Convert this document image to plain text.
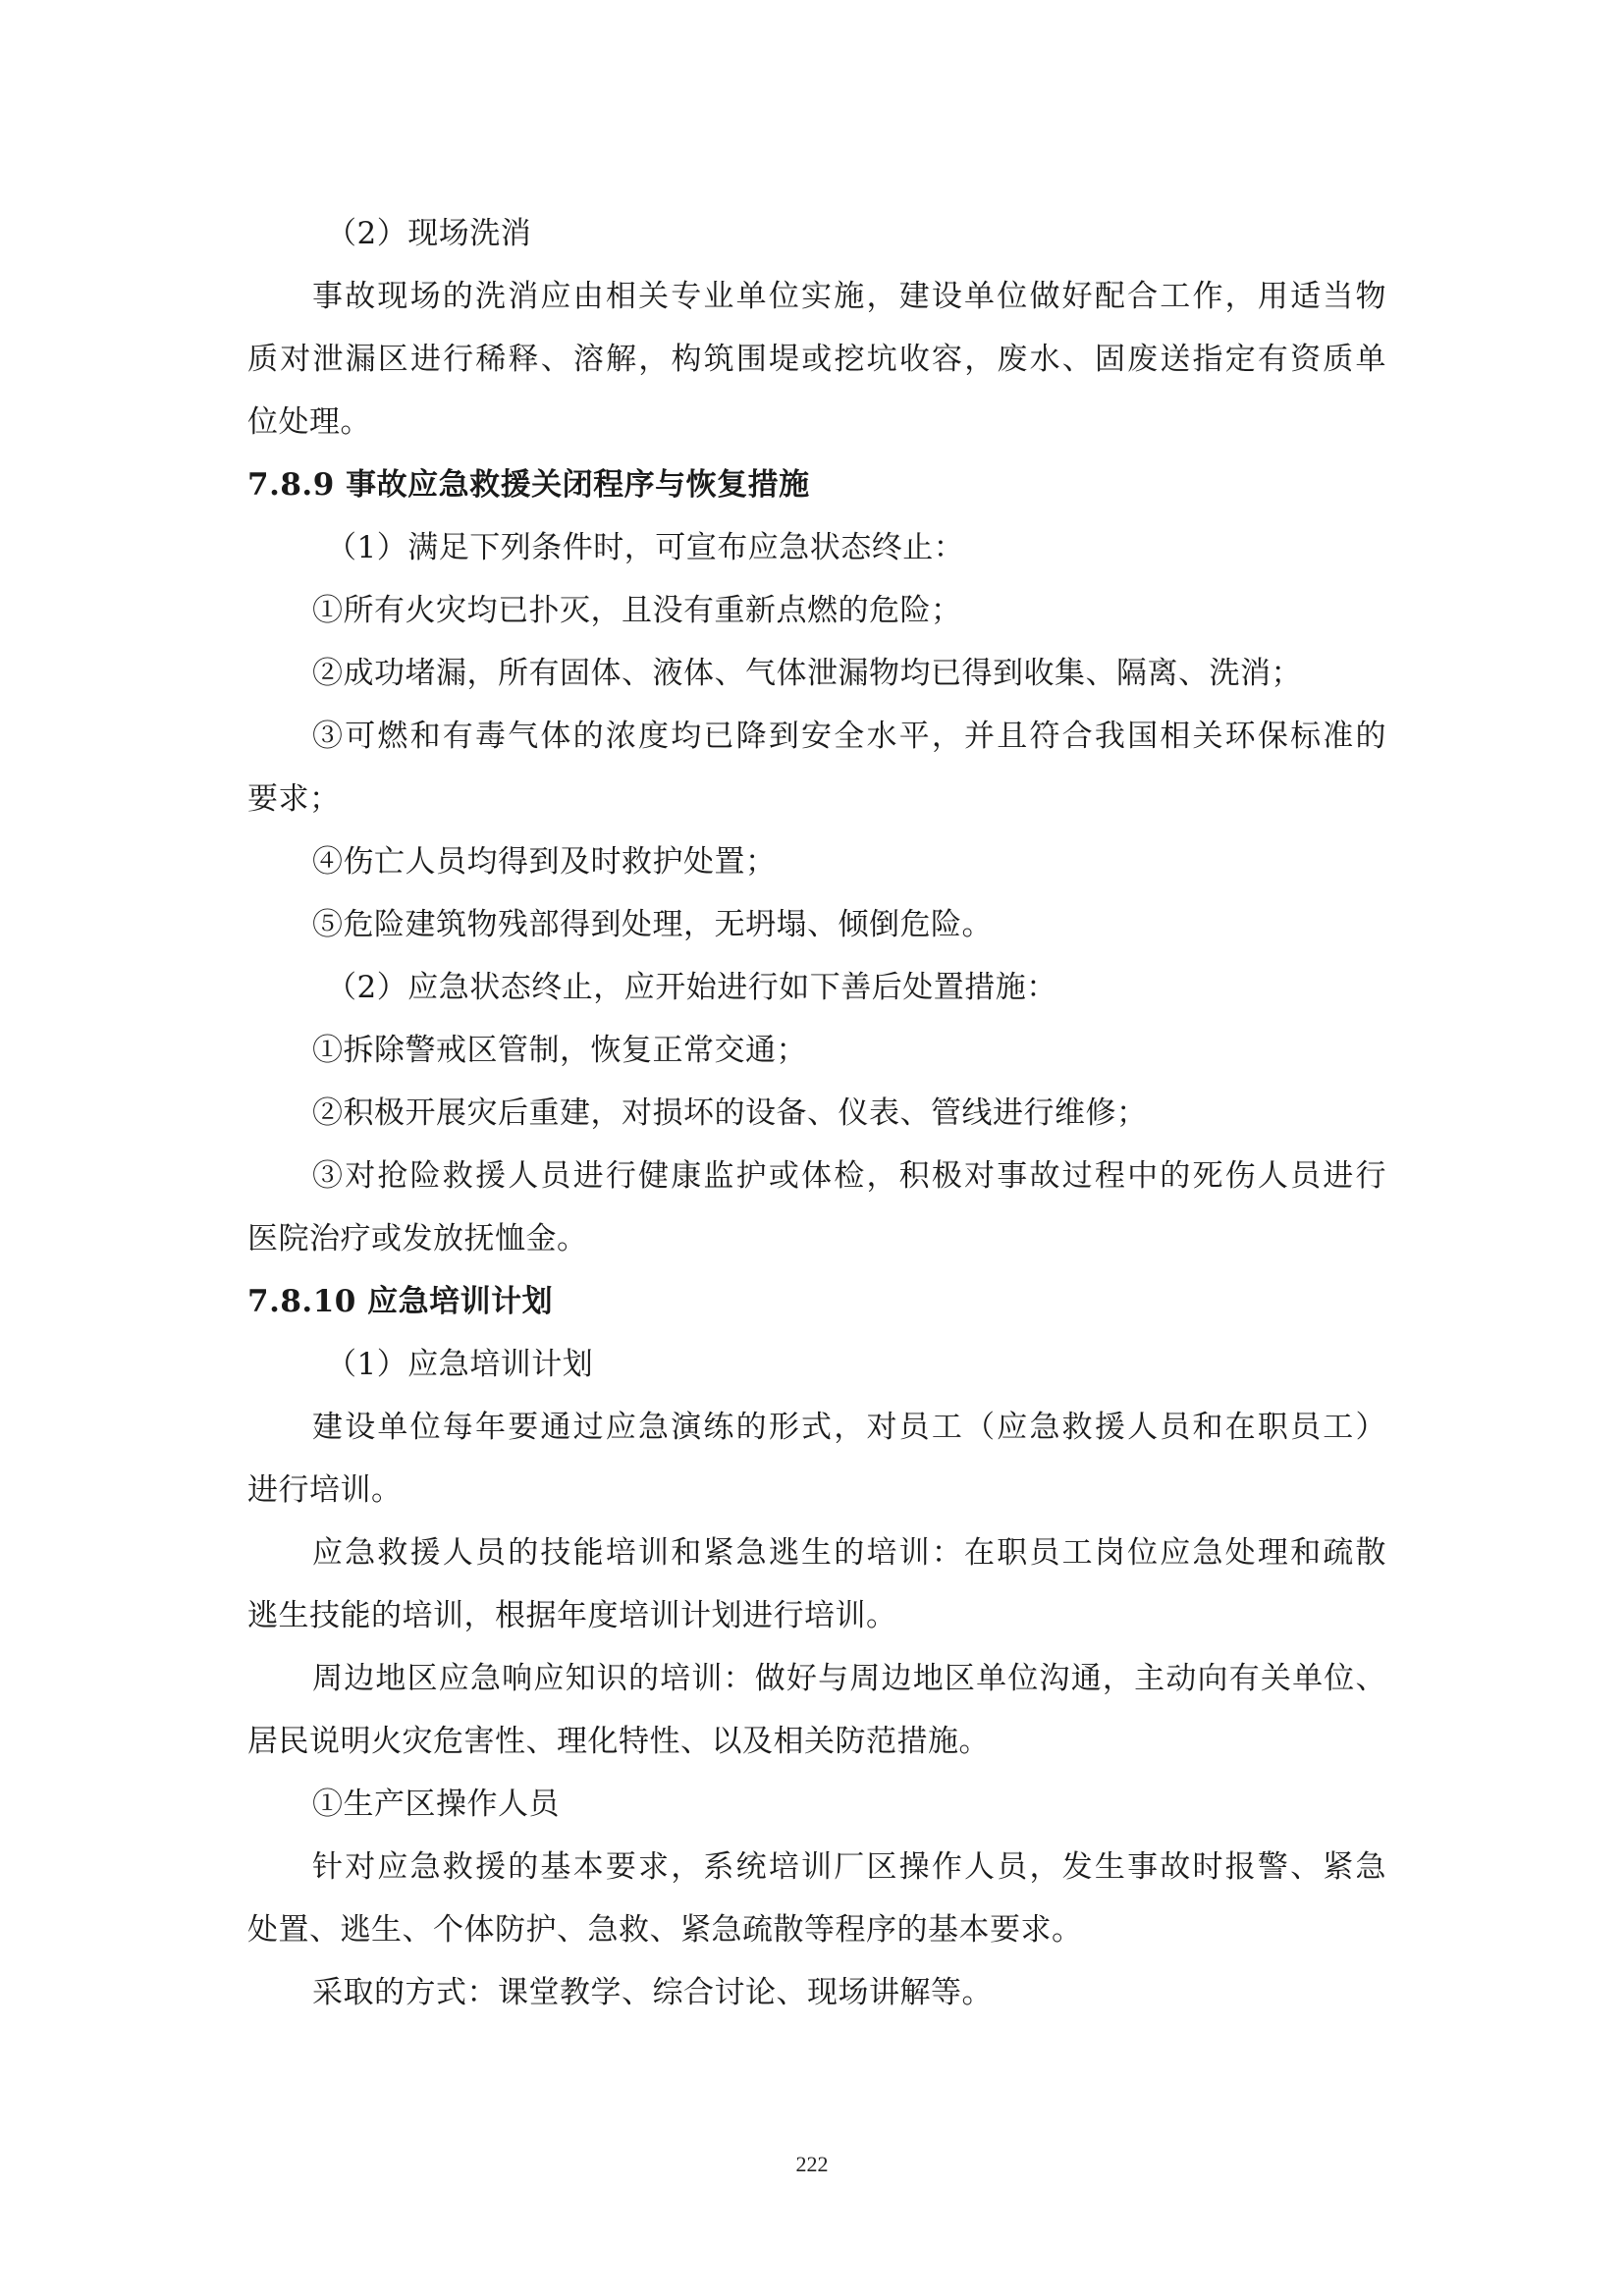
（2）现场洗消
事故现场的洗消应由相关专业单位实施，建设单位做好配合工作，用适当物
质对泄漏区进行稀释、溶解，构筑围堤或挖坑收容，废水、固废送指定有资质单
位处理。
7.8.9 事故应急救援关闭程序与恢复措施
（1）满足下列条件时，可宣布应急状态终止：
①所有火灾均已扑灭，且没有重新点燃的危险；
②成功堵漏，所有固体、液体、气体泄漏物均已得到收集、隔离、洗消；
③可燃和有毒气体的浓度均已降到安全水平，并且符合我国相关环保标准的
要求；
④伤亡人员均得到及时救护处置；
⑤危险建筑物残部得到处理，无坍塌、倾倒危险。
（2）应急状态终止，应开始进行如下善后处置措施：
①拆除警戒区管制，恢复正常交通；
②积极开展灾后重建，对损坏的设备、仪表、管线进行维修；
③对抢险救援人员进行健康监护或体检，积极对事故过程中的死伤人员进行
医院治疗或发放抚恤金。
7.8.10 应急培训计划
（1）应急培训计划
建设单位每年要通过应急演练的形式，对员工（应急救援人员和在职员工）
进行培训。
应急救援人员的技能培训和紧急逃生的培训：在职员工岗位应急处理和疏散
逃生技能的培训，根据年度培训计划进行培训。
周边地区应急响应知识的培训：做好与周边地区单位沟通，主动向有关单位、
居民说明火灾危害性、理化特性、以及相关防范措施。
①生产区操作人员
针对应急救援的基本要求，系统培训厂区操作人员，发生事故时报警、紧急
处置、逃生、个体防护、急救、紧急疏散等程序的基本要求。
采取的方式：课堂教学、综合讨论、现场讲解等。
222
